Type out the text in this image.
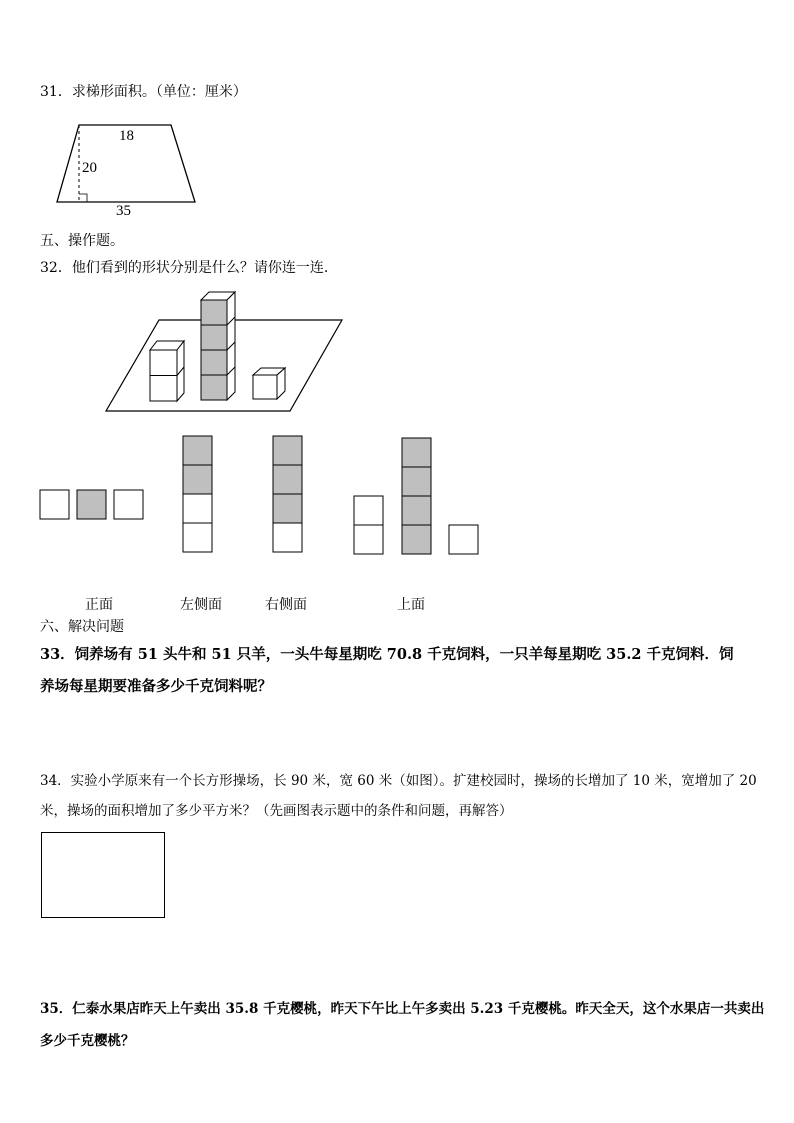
31．求梯形面积。（单位：厘米）
18
20
35
五、操作题。
32．他们看到的形状分别是什么？请你连一连.
正面	左侧面	右侧面	上面
六、解决问题
33．饲养场有 51 头牛和 51 只羊，一头牛每星期吃 70.8 千克饲料，一只羊每星期吃 35.2 千克饲料．饲
养场每星期要准备多少千克饲料呢？
34．实验小学原来有一个长方形操场，长 90 米，宽 60 米（如图）。扩建校园时，操场的长增加了 10 米，宽增加了 20
米，操场的面积增加了多少平方米？（先画图表示题中的条件和问题，再解答）
35．仁泰水果店昨天上午卖出 35.8 千克樱桃，昨天下午比上午多卖出 5.23 千克樱桃。昨天全天，这个水果店一共卖出
多少千克樱桃？
